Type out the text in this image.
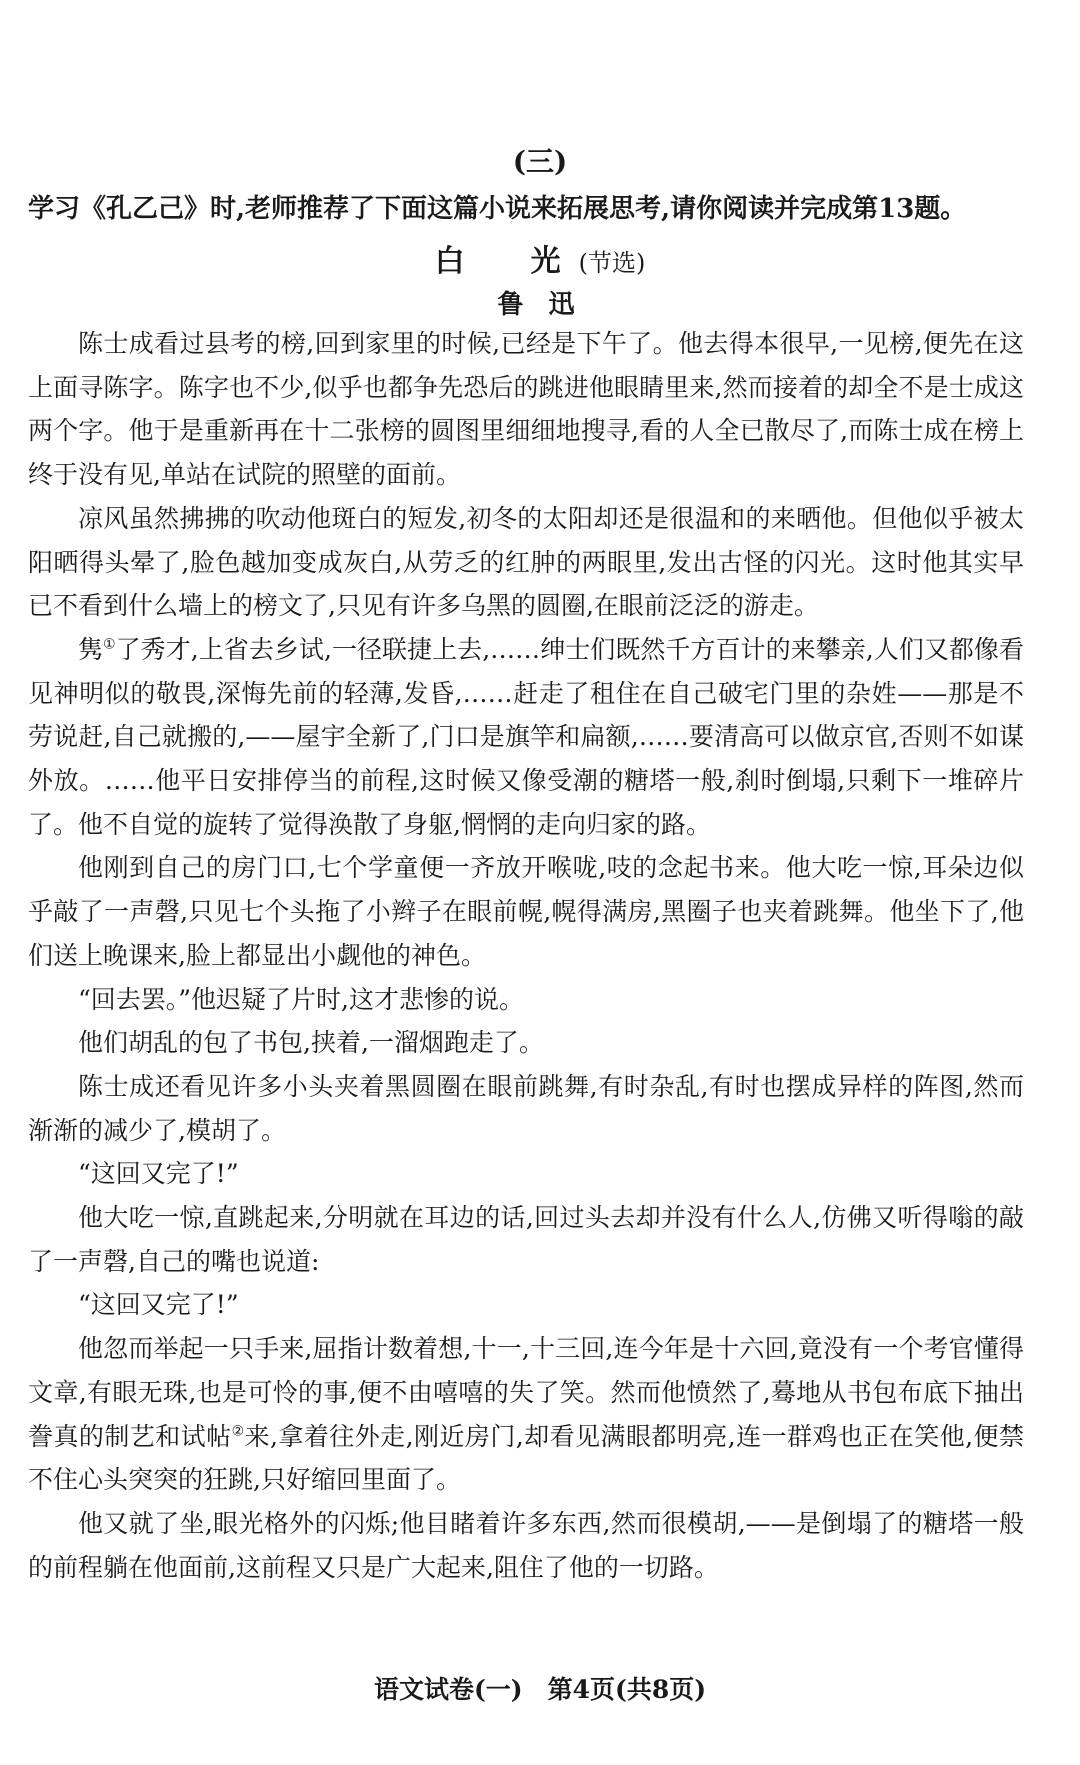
(三)
学习《孔乙己》时,老师推荐了下面这篇小说来拓展思考,请你阅读并完成第13题。
白　光(节选)
鲁 迅

陈士成看过县考的榜,回到家里的时候,已经是下午了。他去得本很早,一见榜,便先在这上面寻陈字。陈字也不少,似乎也都争先恐后的跳进他眼睛里来,然而接着的却全不是士成这两个字。他于是重新再在十二张榜的圆图里细细地搜寻,看的人全已散尽了,而陈士成在榜上终于没有见,单站在试院的照壁的面前。

凉风虽然拂拂的吹动他斑白的短发,初冬的太阳却还是很温和的来晒他。但他似乎被太阳晒得头晕了,脸色越加变成灰白,从劳乏的红肿的两眼里,发出古怪的闪光。这时他其实早已不看到什么墙上的榜文了,只见有许多乌黑的圆圈,在眼前泛泛的游走。

隽①了秀才,上省去乡试,一径联捷上去,……绅士们既然千方百计的来攀亲,人们又都像看见神明似的敬畏,深悔先前的轻薄,发昏,……赶走了租住在自己破宅门里的杂姓——那是不劳说赶,自己就搬的,——屋宇全新了,门口是旗竿和扁额,……要清高可以做京官,否则不如谋外放。……他平日安排停当的前程,这时候又像受潮的糖塔一般,刹时倒塌,只剩下一堆碎片了。他不自觉的旋转了觉得涣散了身躯,惘惘的走向归家的路。

他刚到自己的房门口,七个学童便一齐放开喉咙,吱的念起书来。他大吃一惊,耳朵边似乎敲了一声磬,只见七个头拖了小辫子在眼前幌,幌得满房,黑圈子也夹着跳舞。他坐下了,他们送上晚课来,脸上都显出小觑他的神色。

“回去罢。”他迟疑了片时,这才悲惨的说。

他们胡乱的包了书包,挟着,一溜烟跑走了。

陈士成还看见许多小头夹着黑圆圈在眼前跳舞,有时杂乱,有时也摆成异样的阵图,然而渐渐的减少了,模胡了。

“这回又完了!”

他大吃一惊,直跳起来,分明就在耳边的话,回过头去却并没有什么人,仿佛又听得嗡的敲了一声磬,自己的嘴也说道:

“这回又完了!”

他忽而举起一只手来,屈指计数着想,十一,十三回,连今年是十六回,竟没有一个考官懂得文章,有眼无珠,也是可怜的事,便不由嘻嘻的失了笑。然而他愤然了,蓦地从书包布底下抽出誊真的制艺和试帖②来,拿着往外走,刚近房门,却看见满眼都明亮,连一群鸡也正在笑他,便禁不住心头突突的狂跳,只好缩回里面了。

他又就了坐,眼光格外的闪烁;他目睹着许多东西,然而很模胡,——是倒塌了的糖塔一般的前程躺在他面前,这前程又只是广大起来,阻住了他的一切路。

语文试卷(一)　第4页(共8页)
